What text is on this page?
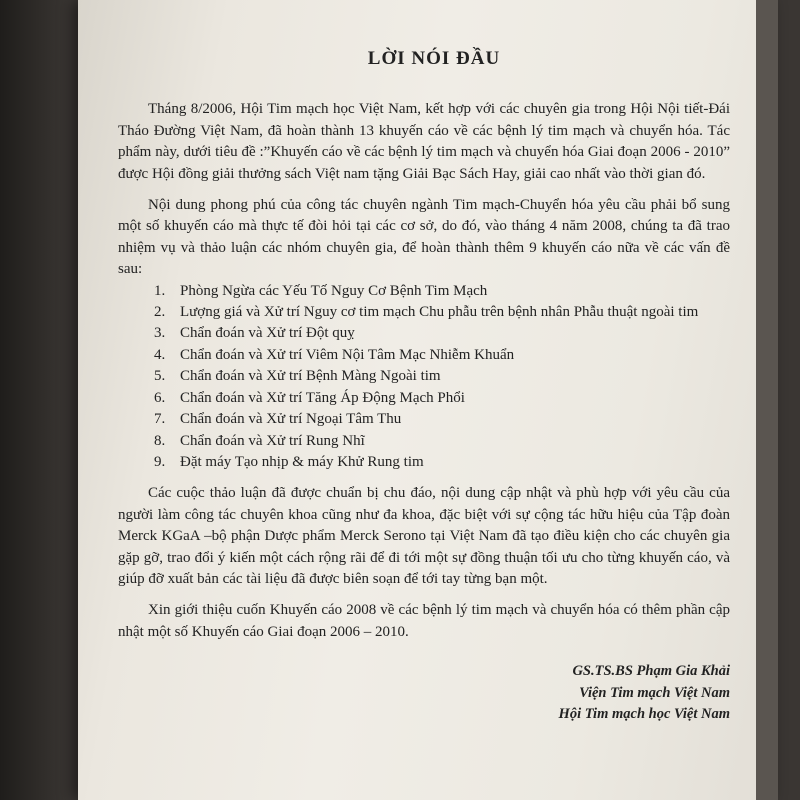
LỜI NÓI ĐẦU

Tháng 8/2006, Hội Tim mạch học Việt Nam, kết hợp với các chuyên gia trong Hội Nội tiết-Đái Tháo Đường Việt Nam, đã hoàn thành 13 khuyến cáo về các bệnh lý tim mạch và chuyển hóa. Tác phẩm này, dưới tiêu đề :”Khuyến cáo về các bệnh lý tim mạch và chuyển hóa Giai đoạn 2006 - 2010” được Hội đồng giải thưởng sách Việt nam tặng Giải Bạc Sách Hay, giải cao nhất vào thời gian đó.

Nội dung phong phú của công tác chuyên ngành Tim mạch-Chuyển hóa yêu cầu phải bổ sung một số khuyến cáo mà thực tế đòi hỏi tại các cơ sở, do đó, vào tháng 4 năm 2008, chúng ta đã trao nhiệm vụ và thảo luận các nhóm chuyên gia, để hoàn thành thêm 9 khuyến cáo nữa về các vấn đề sau:

1. Phòng Ngừa các Yếu Tố Nguy Cơ Bệnh Tim Mạch
2. Lượng giá và Xử trí Nguy cơ tim mạch Chu phẫu trên bệnh nhân Phẫu thuật ngoài tim
3. Chẩn đoán và Xử trí Đột quỵ
4. Chẩn đoán và Xử trí Viêm Nội Tâm Mạc Nhiễm Khuẩn
5. Chẩn đoán và Xử trí Bệnh Màng Ngoài tim
6. Chẩn đoán và Xử trí Tăng Áp Động Mạch Phổi
7. Chẩn đoán và Xử trí Ngoại Tâm Thu
8. Chẩn đoán và Xử trí Rung Nhĩ
9. Đặt máy Tạo nhịp & máy Khử Rung tim

Các cuộc thảo luận đã được chuẩn bị chu đáo, nội dung cập nhật và phù hợp với yêu cầu của người làm công tác chuyên khoa cũng như đa khoa, đặc biệt với sự cộng tác hữu hiệu của Tập đoàn Merck KGaA –bộ phận Dược phẩm Merck Serono tại Việt Nam đã tạo điều kiện cho các chuyên gia gặp gỡ, trao đổi ý kiến một cách rộng rãi để đi tới một sự đồng thuận tối ưu cho từng khuyến cáo, và giúp đỡ xuất bản các tài liệu đã được biên soạn để tới tay từng bạn một.

Xin giới thiệu cuốn Khuyến cáo 2008 về các bệnh lý tim mạch và chuyển hóa có thêm phần cập nhật một số Khuyến cáo Giai đoạn 2006 – 2010.

GS.TS.BS Phạm Gia Khải
Viện Tim mạch Việt Nam
Hội Tim mạch học Việt Nam
